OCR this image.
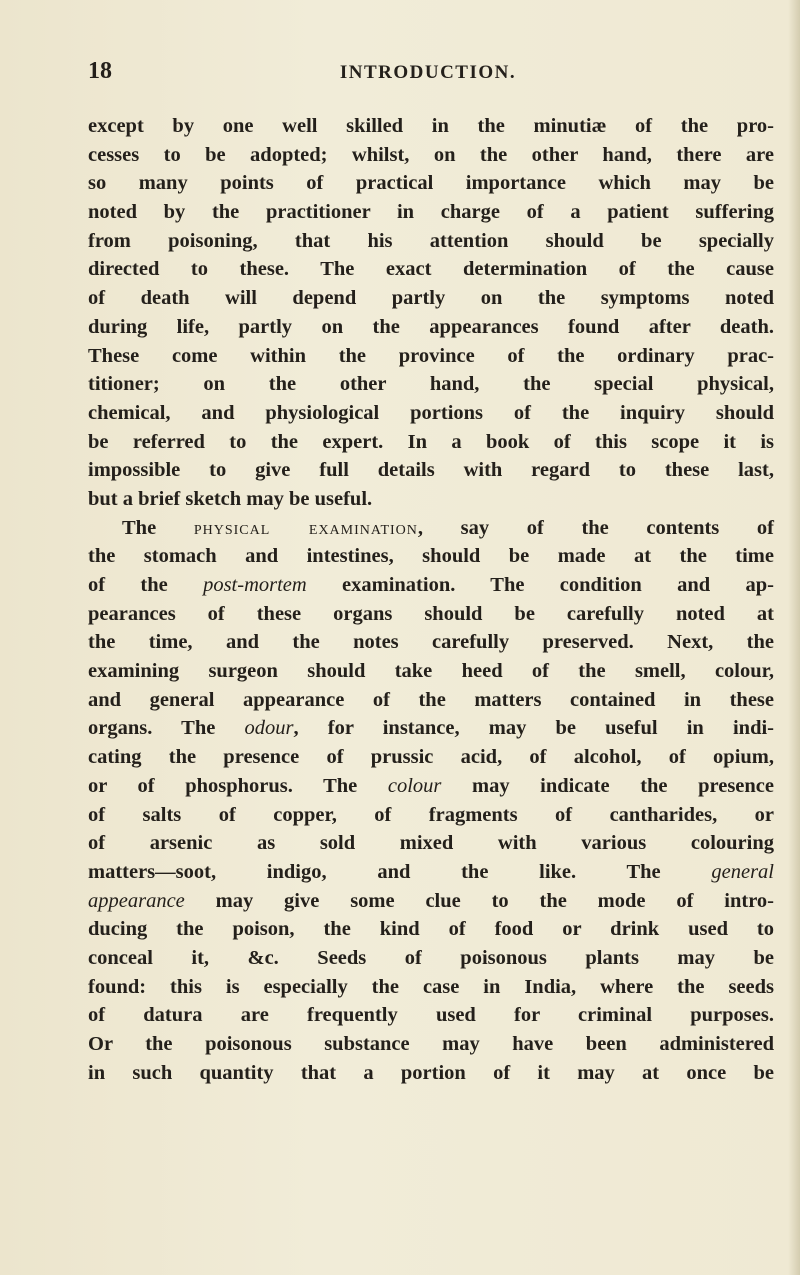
18	INTRODUCTION.
except by one well skilled in the minutiæ of the pro-
cesses to be adopted; whilst, on the other hand, there are
so many points of practical importance which may be
noted by the practitioner in charge of a patient suffering
from poisoning, that his attention should be specially
directed to these. The exact determination of the cause
of death will depend partly on the symptoms noted
during life, partly on the appearances found after death.
These come within the province of the ordinary prac-
titioner; on the other hand, the special physical,
chemical, and physiological portions of the inquiry should
be referred to the expert. In a book of this scope it is
impossible to give full details with regard to these last,
but a brief sketch may be useful.
The physical examination, say of the contents of
the stomach and intestines, should be made at the time
of the post-mortem examination. The condition and ap-
pearances of these organs should be carefully noted at
the time, and the notes carefully preserved. Next, the
examining surgeon should take heed of the smell, colour,
and general appearance of the matters contained in these
organs. The odour, for instance, may be useful in indi-
cating the presence of prussic acid, of alcohol, of opium,
or of phosphorus. The colour may indicate the presence
of salts of copper, of fragments of cantharides, or
of arsenic as sold mixed with various colouring
matters—soot, indigo, and the like. The general
appearance may give some clue to the mode of intro-
ducing the poison, the kind of food or drink used to
conceal it, &c. Seeds of poisonous plants may be
found: this is especially the case in India, where the seeds
of datura are frequently used for criminal purposes.
Or the poisonous substance may have been administered
in such quantity that a portion of it may at once be
